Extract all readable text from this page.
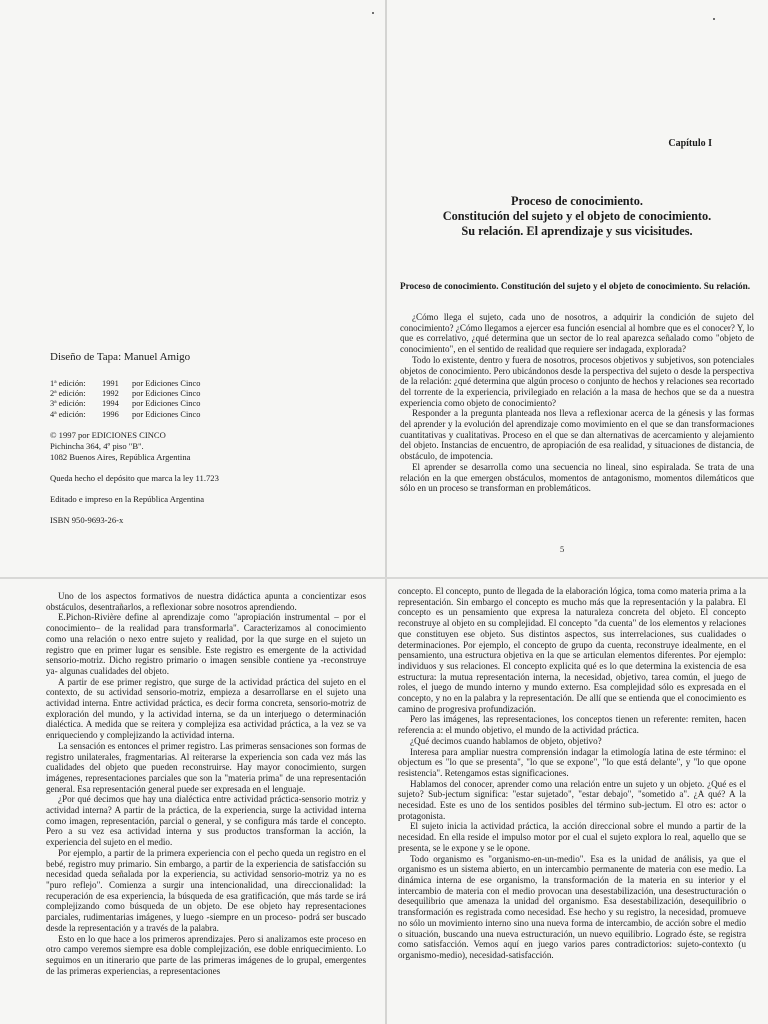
Diseño de Tapa: Manuel Amigo
1ª edición:	1991	por Ediciones Cinco
2ª edición:	1992	por Ediciones Cinco
3ª edición:	1994	por Ediciones Cinco
4ª edición:	1996	por Ediciones Cinco
© 1997 por EDICIONES CINCO
Pichincha 364, 4º piso "B".
1082 Buenos Aires, República Argentina
Queda hecho el depósito que marca la ley 11.723
Editado e impreso en la República Argentina
ISBN 950-9693-26-x
Capítulo I
Proceso de conocimiento.
Constitución del sujeto y el objeto de conocimiento.
Su relación. El aprendizaje y sus vicisitudes.
Proceso de conocimiento. Constitución del sujeto y el objeto de conocimiento. Su relación.

¿Cómo llega el sujeto, cada uno de nosotros, a adquirir la condición de sujeto del conocimiento? ¿Cómo llegamos a ejercer esa función esencial al hombre que es el conocer? Y, lo que es correlativo, ¿qué determina que un sector de lo real aparezca señalado como "objeto de conocimiento", en el sentido de realidad que requiere ser indagada, explorada?

Todo lo existente, dentro y fuera de nosotros, procesos objetivos y subjetivos, son potenciales objetos de conocimiento. Pero ubicándonos desde la perspectiva del sujeto o desde la perspectiva de la relación: ¿qué determina que algún proceso o conjunto de hechos y relaciones sea recortado del torrente de la experiencia, privilegiado en relación a la masa de hechos que se da a nuestra experiencia como objeto de conocimiento?

Responder a la pregunta planteada nos lleva a reflexionar acerca de la génesis y las formas del aprender y la evolución del aprendizaje como movimiento en el que se dan transformaciones cuantitativas y cualitativas. Proceso en el que se dan alternativas de acercamiento y alejamiento del objeto. Instancias de encuentro, de apropiación de esa realidad, y situaciones de distancia, de obstáculo, de impotencia.

El aprender se desarrolla como una secuencia no lineal, sino espiralada. Se trata de una relación en la que emergen obstáculos, momentos de antagonismo, momentos dilemáticos que sólo en un proceso se transforman en problemáticos.

5

Uno de los aspectos formativos de nuestra didáctica apunta a concientizar esos obstáculos, desentrañarlos, a reflexionar sobre nosotros aprendiendo.

E.Pichon-Rivière define al aprendizaje como "apropiación instrumental – por el conocimiento– de la realidad para transformarla". Caracterizamos al conocimiento como una relación o nexo entre sujeto y realidad, por la que surge en el sujeto un registro que en primer lugar es sensible. Este registro es emergente de la actividad sensorio-motriz. Dicho registro primario o imagen sensible contiene ya -reconstruye ya- algunas cualidades del objeto.

A partir de ese primer registro, que surge de la actividad práctica del sujeto en el contexto, de su actividad sensorio-motriz, empieza a desarrollarse en el sujeto una actividad interna. Entre actividad práctica, es decir forma concreta, sensorio-motriz de exploración del mundo, y la actividad interna, se da un interjuego o determinación dialéctica. A medida que se reitera y complejiza esa actividad práctica, a la vez se va enriqueciendo y complejizando la actividad interna.

La sensación es entonces el primer registro. Las primeras sensaciones son formas de registro unilaterales, fragmentarias. Al reiterarse la experiencia son cada vez más las cualidades del objeto que pueden reconstruirse. Hay mayor conocimiento, surgen imágenes, representaciones parciales que son la "materia prima" de una representación general. Esa representación general puede ser expresada en el lenguaje.

¿Por qué decimos que hay una dialéctica entre actividad práctica-sensorio motriz y actividad interna? A partir de la práctica, de la experiencia, surge la actividad interna como imagen, representación, parcial o general, y se configura más tarde el concepto. Pero a su vez esa actividad interna y sus productos transforman la acción, la experiencia del sujeto en el medio.

Por ejemplo, a partir de la primera experiencia con el pecho queda un registro en el bebé, registro muy primario. Sin embargo, a partir de la experiencia de satisfacción su necesidad queda señalada por la experiencia, su actividad sensorio-motriz ya no es "puro reflejo". Comienza a surgir una intencionalidad, una direccionalidad: la recuperación de esa experiencia, la búsqueda de esa gratificación, que más tarde se irá complejizando como búsqueda de un objeto. De ese objeto hay representaciones parciales, rudimentarias imágenes, y luego -siempre en un proceso- podrá ser buscado desde la representación y a través de la palabra.

Esto en lo que hace a los primeros aprendizajes. Pero si analizamos este proceso en otro campo veremos siempre esa doble complejización, ese doble enriquecimiento. Lo seguimos en un itinerario que parte de las primeras imágenes de lo grupal, emergentes de las primeras experiencias, a representaciones

concepto. El concepto, punto de llegada de la elaboración lógica, toma como materia prima a la representación. Sin embargo el concepto es mucho más que la representación y la palabra. El concepto es un pensamiento que expresa la naturaleza concreta del objeto. El concepto reconstruye al objeto en su complejidad. El concepto "da cuenta" de los elementos y relaciones que constituyen ese objeto. Sus distintos aspectos, sus interrelaciones, sus cualidades o determinaciones. Por ejemplo, el concepto de grupo da cuenta, reconstruye idealmente, en el pensamiento, una estructura objetiva en la que se articulan elementos diferentes. Por ejemplo: individuos y sus relaciones. El concepto explicita qué es lo que determina la existencia de esa estructura: la mutua representación interna, la necesidad, objetivo, tarea común, el juego de roles, el juego de mundo interno y mundo externo. Esa complejidad sólo es expresada en el concepto, y no en la palabra y la representación. De allí que se entienda que el conocimiento es camino de progresiva profundización.

Pero las imágenes, las representaciones, los conceptos tienen un referente: remiten, hacen referencia a: el mundo objetivo, el mundo de la actividad práctica.

¿Qué decimos cuando hablamos de objeto, objetivo?

Interesa para ampliar nuestra comprensión indagar la etimología latina de este término: el objectum es "lo que se presenta", "lo que se expone", "lo que está delante", y "lo que opone resistencia". Retengamos estas significaciones.

Hablamos del conocer, aprender como una relación entre un sujeto y un objeto. ¿Qué es el sujeto? Sub-jectum significa: "estar sujetado", "estar debajo", "sometido a". ¿A qué? A la necesidad. Este es uno de los sentidos posibles del término sub-jectum. El otro es: actor o protagonista.

El sujeto inicia la actividad práctica, la acción direccional sobre el mundo a partir de la necesidad. En ella reside el impulso motor por el cual el sujeto explora lo real, aquello que se presenta, se le expone y se le opone.

Todo organismo es "organismo-en-un-medio". Esa es la unidad de análisis, ya que el organismo es un sistema abierto, en un intercambio permanente de materia con ese medio. La dinámica interna de ese organismo, la transformación de la materia en su interior y el intercambio de materia con el medio provocan una desestabilización, una desestructuración o desequilibrio que amenaza la unidad del organismo. Esa desestabilización, desequilibrio o transformación es registrada como necesidad. Ese hecho y su registro, la necesidad, promueve no sólo un movimiento interno sino una nueva forma de intercambio, de acción sobre el medio o situación, buscando una nueva estructuración, un nuevo equilibrio. Logrado éste, se registra como satisfacción. Vemos aquí en juego varios pares contradictorios: sujeto-contexto (u organismo-medio), necesidad-satisfacción.
